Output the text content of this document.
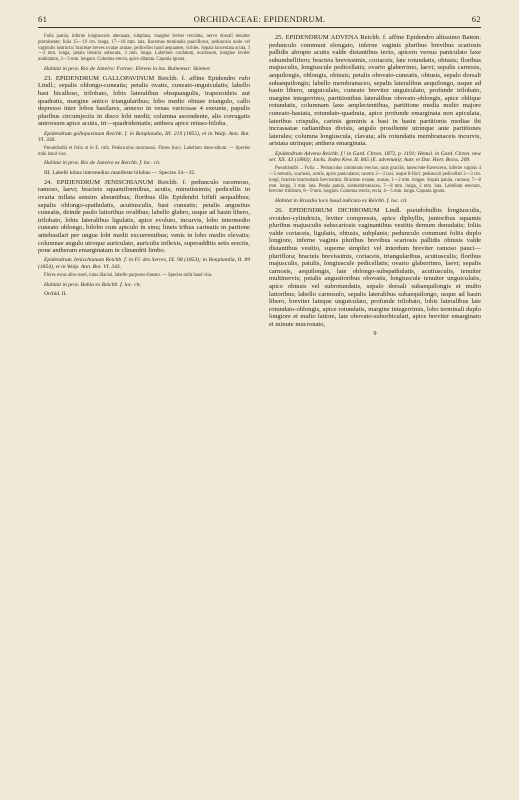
61	ORCHIDACEAE: EPIDENDRUM.	62

Folia patula, inferne longiuscule attenuata, subplana, margine leviter revoluta, nervo dorsali tenuiter prominente; folia 15—19 cm. longa, 17—18 mm. lata. Racemus terminalis pauciflorus, pedunculo nudo vel vaginulis instructo; bracteae breves ovatae acutae, pedicellos haud aequantes, virides. Sepala lanceolata acuta, 3—4 mm. longa; petala linearia subacuta, 3 mm. longa. Labellum cordatum, ecallosum, margine leviter undulatum, 2—3 mm. longum. Columna erecta, apice dilatata. Capsula ignota.

Habitat in prov. Rio de Janeiro: Fornec. Ehrens in ins. Balnemar: Skinner.

23. EPIDENDRUM GALLOPAVINUM Reichb. f. affine Epidendro rufo Lindl.; sepalis oblongo-cuneatis; petalis ovatis, cuneato-unguiculatis; labello basi bicalloso, trilobato, lobis lateralibus obsquangulis, trapezoideis aut quadratis, margine antico triangularibus; lobo medio obtuse triangulo, callo depresso inter lobos basilares, annexo in venas varicosas 4 exeunte, papulis pluribus circumjectis in disco lobi medii; columna ascendente, alis corrugatis antrorsum apice acutis, tri—quadridentatis; anthera apice retuso-biloba.

Epidendrum gallopavinum Reichb. f. in Bonplandia, III. 219 (1855), et in Walp. Ann. Bot. VI. 336.

Pseudobulbi et folia ut in E. rufo. Pedunculus racemosus. Flores fusci. Labellum luteo-album. — Species mihi haud visa.

Habitat in prov. Rio de Janeiro ex Reichb. f. loc. cit.

III. Labelli lobus intermedius manifeste bilobus — Species 24—32.

24. EPIDENDRUM JENISCHIANUM Reichb. f. pedunculo racemoso, ramoso, laevi; bracteis squamiformibus, acutis, minutissimis; pedicellis in ovaria inflata sensim abeuntibus; floribus illis Epidendri bifidi aequalibus; sepalis oblongo-spathulatis, acutiusculis, basi cuneatis; petalis angustius cuneatis, deinde paulo latioribus ovalibus; labello glabro, usque ad basin libero, trilobato, lobis lateralibus ligulatis, apice evoluto, incurvis, lobo intermedio cuneato oblongo, bilobo cum apiculo in sinu; lineis tribus carinatis in partione antebasilari per ungue lobi medii excurrentibus; venis in lobo medio elevatis; columnae angulo utroque auriculato, auriculis inflexis, superadditis setis erectis, pone antheram emarginatam in clinandrii limbo.

Epidendrum Jenischianum Reichb. f. in Fl. des Serres, IX. 98 (1853); in Bonplandia, II. 89 (1854), et in Walp. Ann. Bot. VI. 343.

Flores extus albo-rosei, intus lilacini, labello purpureo-lineato. — Species mihi haud visa.

Habitat in prov. Bahia ex Reichb. f. loc. cit.

Orchid. II.

25. EPIDENDRUM ADVENA Reichb. f. affine Epidendro altissimo Batem. pedunculo communi elongato, inferne vaginis pluribus brevibus scariosis pallidis abrupte acutis valde distantibus tecto, apicem versus paniculato laxe subumbellifero; bracteis brevissimis, coriaceis, late rotundatis, obtusis; floribus majusculis, longiuscule pedicellatis; ovario glaberrimo, laevi; sepalis carnosis, aequilongis, oblongis, obtusis; petalis obovato-cuneatis, obtusis, sepalo dorsali subaequilongis; labello membranaceo, sepalis lateralibus aequilongo, usque ad basin libero, unguiculato, cuneato breviter unguiculato, profunde trilobato, margine integerrimo, partitionibus lateralibus obovato-oblongis, apice oblique rotundatis, columnam laxe amplectentibus, partitione media multo majore cuneato-hastata, rotundato-quadrata, apice profunde emarginata non apiculata, lateribus crispulis, carinis geminis a basi in basin partitionis mediae ibi incrassatae radiantibus divisis, angulo prosiliente utrinque ante partitiones laterales; columna longiuscula, clavata; alis rotundatis membranaceis incurvis, aristata utrinque; anthera emarginata.

Epidendrum Advena Reichb. f.! in Gard. Chron. 1872, p. 1191; Hemsl. in Gard. Chron. new ser. XX. 43 (1883); Jacks. Index Kew. II. 845 (E. advenum); Autr. et Dur. Hort. Boiss. 209.

Pseudobulbi ... Folia ... Pedunculus communis erectus, satis gracilis, lutescente-flavescens, inferne vaginis 4—5 remotis, scariosis, acutis, apice paniculatus; racemi 2—3 laxi, usque 8-flori; pedunculi pedicellati 2—3 cm. longi, bracteis bracteolatis brevissimis. Bracteae ovatae, acutae, 1—2 mm. longae. Sepala patula, carnosa, 7—8 mm. longa, 3 mm. lata. Petala patula, submembranacea, 7—8 mm. longa, 2 mm. lata. Labellum erectum, breviter trilobum, 8—9 mm. longum. Columna erecta, recta, 4—5 mm. longa. Capsula ignota.

Habitat in Brasilia loco haud indicato ex Reichb. f. loc. cit.

26. EPIDENDRUM DICHROMUM Lindl. pseudobulbis longiusculis, ovoideo-cylindricis, leviter compressis, apice diphyllis, junioribus squamis pluribus majusculis subscariosis vaginantibus vestitis demum denudatis; foliis valde coriaceis, ligulatis, obtusis, subplanis; pedunculo communi foliis duplo longiore, inferne vaginis pluribus brevibus scariosis pallidis obtusis valde distantibus vestito, superne simplici vel interdum breviter ramoso pauci—pluriflora; bracteis brevissimis, coriaceis, triangularibus, acutiusculis; floribus majusculis, patulis, longiuscule pedicellatis; ovario glaberrimo, laevi; sepalis carnosis, aequilongis, late oblongo-subspathulatis, acutiusculis, tenuiter multinervis; petalis angustioribus obovatis, longiuscule tenuiter unguiculatis, apice obtusis vel subrotundatis, sepalo dorsali subaequilongis et multo latioribus; labello carnosulo, sepalis lateralibus subaequilongo, usque ad basin libero, breviter lateque unguiculato, profunde trilobato, lobis lateralibus late rotundato-oblongis, apice rotundatis, margine integerrimis, lobo terminali duplo longiore et multo latiore, late obovato-suborbiculari, apice breviter emarginato et minute mucronato,

9
